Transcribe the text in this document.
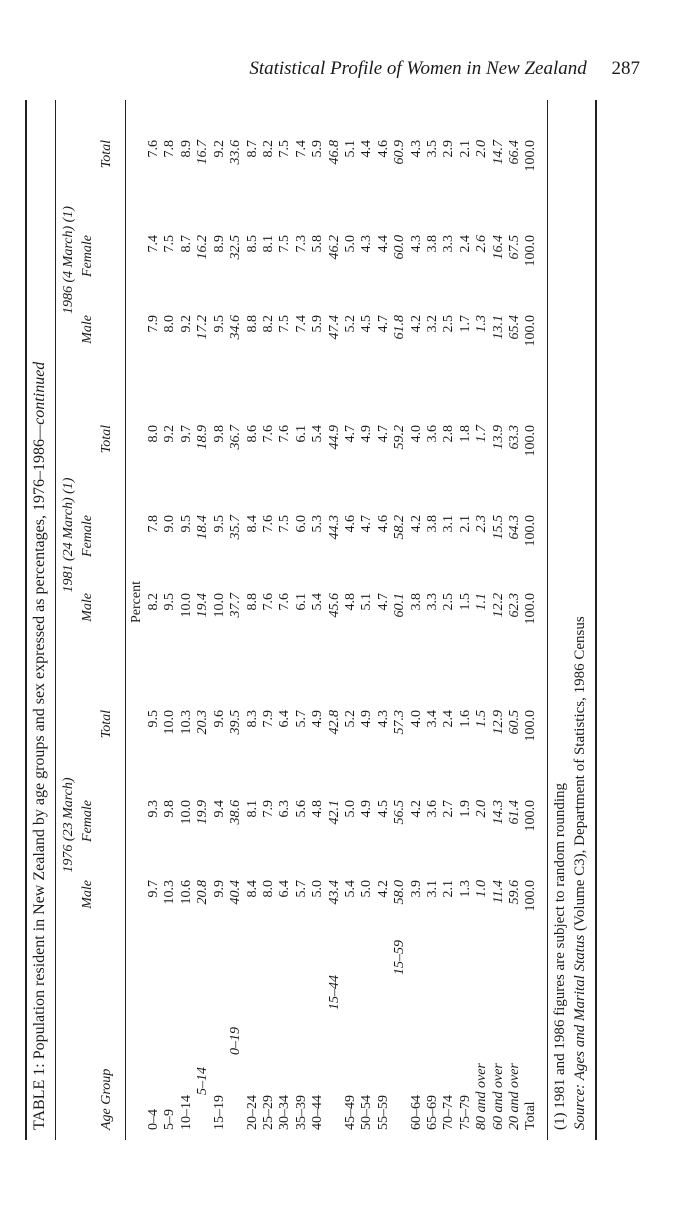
Statistical Profile of Women in New Zealand 287
TABLE 1: Population resident in New Zealand by age groups and sex expressed as percentages, 1976–1986—continued
Age Group
1976 (23 March)
1981 (24 March) (1)
1986 (4 March) (1)
Male
Female
Total
Male
Female
Total
Male
Female
Total
Percent
0–4
9.7
9.3
9.5
8.2
7.8
8.0
7.9
7.4
7.6
5–9
10.3
9.8
10.0
9.5
9.0
9.2
8.0
7.5
7.8
10–14
10.6
10.0
10.3
10.0
9.5
9.7
9.2
8.7
8.9
5–14
20.8
19.9
20.3
19.4
18.4
18.9
17.2
16.2
16.7
15–19
9.9
9.4
9.6
10.0
9.5
9.8
9.5
8.9
9.2
0–19
40.4
38.6
39.5
37.7
35.7
36.7
34.6
32.5
33.6
20–24
8.4
8.1
8.3
8.8
8.4
8.6
8.8
8.5
8.7
25–29
8.0
7.9
7.9
7.6
7.6
7.6
8.2
8.1
8.2
30–34
6.4
6.3
6.4
7.6
7.5
7.6
7.5
7.5
7.5
35–39
5.7
5.6
5.7
6.1
6.0
6.1
7.4
7.3
7.4
40–44
5.0
4.8
4.9
5.4
5.3
5.4
5.9
5.8
5.9
15–44
43.4
42.1
42.8
45.6
44.3
44.9
47.4
46.2
46.8
45–49
5.4
5.0
5.2
4.8
4.6
4.7
5.2
5.0
5.1
50–54
5.0
4.9
4.9
5.1
4.7
4.9
4.5
4.3
4.4
55–59
4.2
4.5
4.3
4.7
4.6
4.7
4.7
4.4
4.6
15–59
58.0
56.5
57.3
60.1
58.2
59.2
61.8
60.0
60.9
60–64
3.9
4.2
4.0
3.8
4.2
4.0
4.2
4.3
4.3
65–69
3.1
3.6
3.4
3.3
3.8
3.6
3.2
3.8
3.5
70–74
2.1
2.7
2.4
2.5
3.1
2.8
2.5
3.3
2.9
75–79
1.3
1.9
1.6
1.5
2.1
1.8
1.7
2.4
2.1
80 and over
1.0
2.0
1.5
1.1
2.3
1.7
1.3
2.6
2.0
60 and over
11.4
14.3
12.9
12.2
15.5
13.9
13.1
16.4
14.7
20 and over
59.6
61.4
60.5
62.3
64.3
63.3
65.4
67.5
66.4
Total
100.0
100.0
100.0
100.0
100.0
100.0
100.0
100.0
100.0
(1) 1981 and 1986 figures are subject to random rounding Source: Ages and Marital Status (Volume C3), Department of Statistics, 1986 Census
